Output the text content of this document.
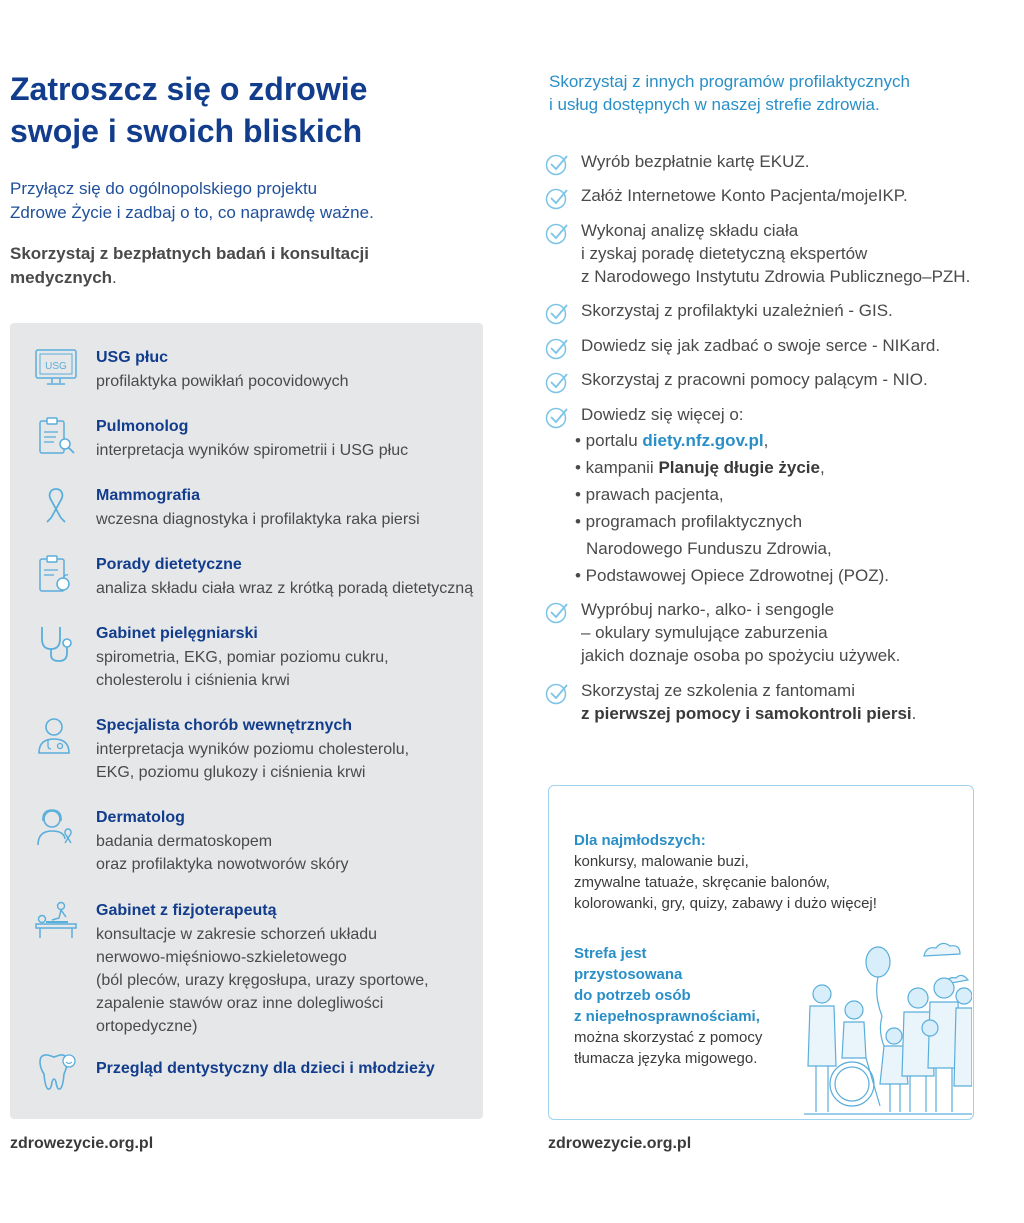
Zatroszcz się o zdrowie
swoje i swoich bliskich
Przyłącz się do ogólnopolskiego projektu
Zdrowe Życie i zadbaj o to, co naprawdę ważne.
Skorzystaj z bezpłatnych badań i konsultacji
medycznych.
USG
USG płuc
profilaktyka powikłań pocovidowych
Pulmonolog
interpretacja wyników spirometrii i USG płuc
Mammografia
wczesna diagnostyka i profilaktyka raka piersi
Porady dietetyczne
analiza składu ciała wraz z krótką poradą dietetyczną
Gabinet pielęgniarski
spirometria, EKG, pomiar poziomu cukru,
cholesterolu i ciśnienia krwi
Specjalista chorób wewnętrznych
interpretacja wyników poziomu cholesterolu,
EKG, poziomu glukozy i ciśnienia krwi
Dermatolog
badania dermatoskopem
oraz profilaktyka nowotworów skóry
Gabinet z fizjoterapeutą
konsultacje w zakresie schorzeń układu
nerwowo-mięśniowo-szkieletowego
(ból pleców, urazy kręgosłupa, urazy sportowe,
zapalenie stawów oraz inne dolegliwości
ortopedyczne)
Przegląd dentystyczny dla dzieci i młodzieży
zdrowezycie.org.pl
Skorzystaj z innych programów profilaktycznych
i usług dostępnych w naszej strefie zdrowia.
Wyrób bezpłatnie kartę EKUZ.
Załóż Internetowe Konto Pacjenta/mojeIKP.
Wykonaj analizę składu ciała
i zyskaj poradę dietetyczną ekspertów
z Narodowego Instytutu Zdrowia Publicznego–PZH.
Skorzystaj z profilaktyki uzależnień - GIS.
Dowiedz się jak zadbać o swoje serce - NIKard.
Skorzystaj z pracowni pomocy palącym - NIO.
Dowiedz się więcej o:
• portalu diety.nfz.gov.pl,
• kampanii Planuję długie życie,
• prawach pacjenta,
• programach profilaktycznych
Narodowego Funduszu Zdrowia,
• Podstawowej Opiece Zdrowotnej (POZ).
Wypróbuj narko-, alko- i sengogle
– okulary symulujące zaburzenia
jakich doznaje osoba po spożyciu używek.
Skorzystaj ze szkolenia z fantomami
z pierwszej pomocy i samokontroli piersi.
Dla najmłodszych:
konkursy, malowanie buzi,
zmywalne tatuaże, skręcanie balonów,
kolorowanki, gry, quizy, zabawy i dużo więcej!
Strefa jest
przystosowana
do potrzeb osób
z niepełnosprawnościami,
można skorzystać z pomocy
tłumacza języka migowego.
zdrowezycie.org.pl
